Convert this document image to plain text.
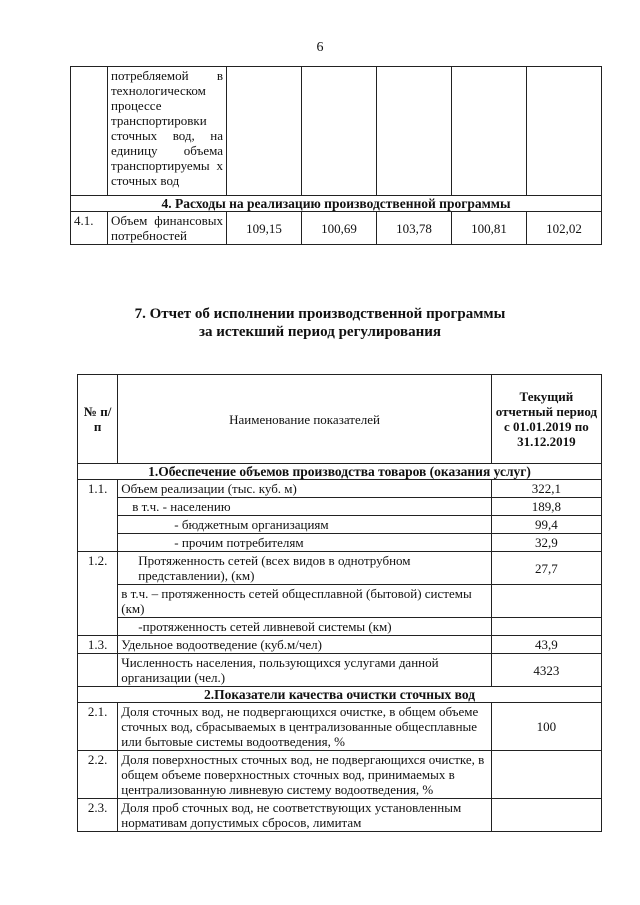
6
	потребляемой в технологическом процессе транспортировки сточных вод, на единицу объема транспортируемы х сточных вод					
4. Расходы на реализацию производственной программы						
4.1.	Объем финансовых потребностей	109,15	100,69	103,78	100,81	102,02
7. Отчет об исполнении производственной программы
за истекший период регулирования
№ п/п	Наименование показателей	Текущий отчетный период с 01.01.2019 по 31.12.2019
1.Обеспечение объемов производства товаров (оказания услуг)		
1.1.	Объем реализации (тыс. куб. м)	322,1
	в т.ч. - населению	189,8
	- бюджетным организациям	99,4
	- прочим потребителям	32,9
1.2.	Протяженность сетей (всех видов в однотрубном представлении), (км)	27,7
	в т.ч. – протяженность сетей общесплавной (бытовой) системы (км)	
	-протяженность сетей ливневой системы (км)	
1.3.	Удельное водоотведение (куб.м/чел)	43,9
	Численность населения, пользующихся услугами данной организации (чел.)	4323
2.Показатели качества очистки сточных вод		
2.1.	Доля сточных вод, не подвергающихся очистке, в общем объеме сточных вод, сбрасываемых в централизованные общесплавные или бытовые системы водоотведения, %	100
2.2.	Доля поверхностных сточных вод, не подвергающихся очистке, в общем объеме поверхностных сточных вод, принимаемых в централизованную ливневую систему водоотведения, %	
2.3.	Доля проб сточных вод, не соответствующих установленным нормативам допустимых сбросов, лимитам	
